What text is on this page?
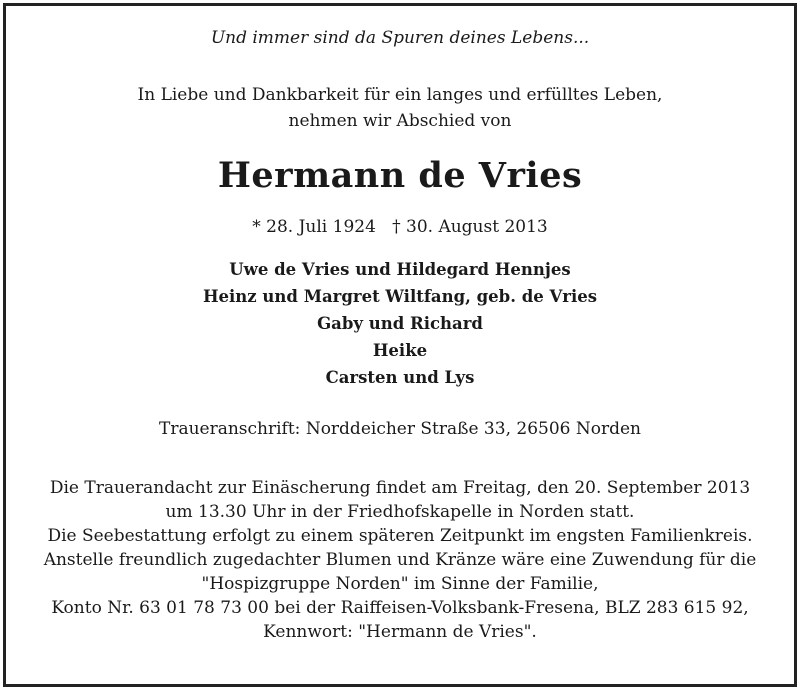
Und immer sind da Spuren deines Lebens...
In Liebe und Dankbarkeit für ein langes und erfülltes Leben,
nehmen wir Abschied von
Hermann de Vries
* 28. Juli 1924   † 30. August 2013
Uwe de Vries und Hildegard Hennjes
Heinz und Margret Wiltfang, geb. de Vries
Gaby und Richard
Heike
Carsten und Lys
Traueranschrift: Norddeicher Straße 33, 26506 Norden
Die Trauerandacht zur Einäscherung findet am Freitag, den 20. September 2013
um 13.30 Uhr in der Friedhofskapelle in Norden statt.
Die Seebestattung erfolgt zu einem späteren Zeitpunkt im engsten Familienkreis.
Anstelle freundlich zugedachter Blumen und Kränze wäre eine Zuwendung für die
"Hospizgruppe Norden" im Sinne der Familie,
Konto Nr. 63 01 78 73 00 bei der Raiffeisen-Volksbank-Fresena, BLZ 283 615 92,
Kennwort: "Hermann de Vries".
